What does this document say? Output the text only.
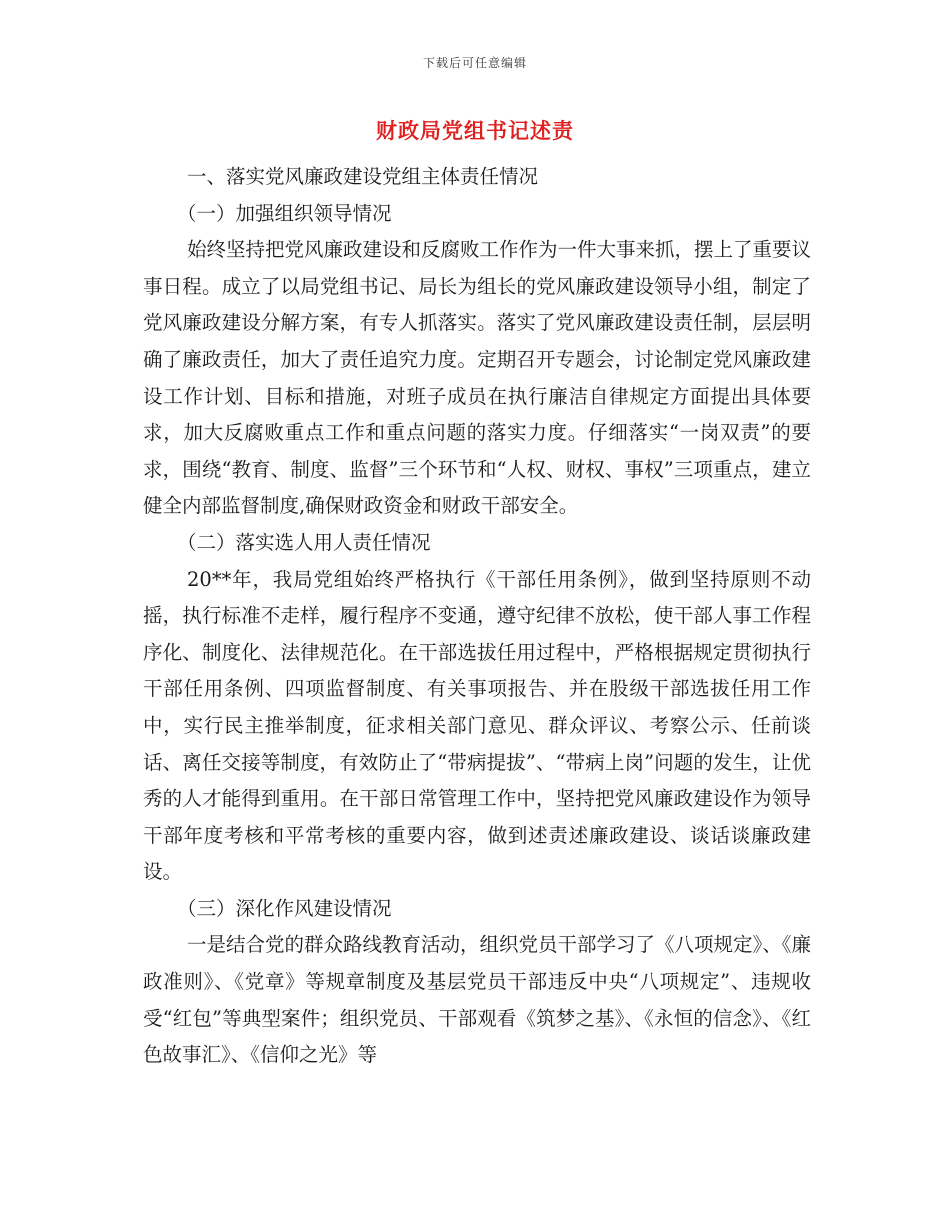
下载后可任意编辑
财政局党组书记述责

一、落实党风廉政建设党组主体责任情况

（一）加强组织领导情况

始终坚持把党风廉政建设和反腐败工作作为一件大事来抓，摆上了重要议事日程。成立了以局党组书记、局长为组长的党风廉政建设领导小组，制定了党风廉政建设分解方案，有专人抓落实。落实了党风廉政建设责任制，层层明确了廉政责任，加大了责任追究力度。定期召开专题会，讨论制定党风廉政建设工作计划、目标和措施，对班子成员在执行廉洁自律规定方面提出具体要求，加大反腐败重点工作和重点问题的落实力度。仔细落实“一岗双责”的要求，围绕“教育、制度、监督”三个环节和“人权、财权、事权”三项重点，建立健全内部监督制度,确保财政资金和财政干部安全。

（二）落实选人用人责任情况

20**年，我局党组始终严格执行《干部任用条例》，做到坚持原则不动摇，执行标准不走样，履行程序不变通，遵守纪律不放松，使干部人事工作程序化、制度化、法律规范化。在干部选拔任用过程中，严格根据规定贯彻执行干部任用条例、四项监督制度、有关事项报告、并在股级干部选拔任用工作中，实行民主推举制度，征求相关部门意见、群众评议、考察公示、任前谈话、离任交接等制度，有效防止了“带病提拔”、“带病上岗”问题的发生，让优秀的人才能得到重用。在干部日常管理工作中，坚持把党风廉政建设作为领导干部年度考核和平常考核的重要内容，做到述责述廉政建设、谈话谈廉政建设。

（三）深化作风建设情况

一是结合党的群众路线教育活动，组织党员干部学习了《八项规定》、《廉政准则》、《党章》等规章制度及基层党员干部违反中央“八项规定”、违规收受“红包”等典型案件；组织党员、干部观看《筑梦之基》、《永恒的信念》、《红色故事汇》、《信仰之光》等
